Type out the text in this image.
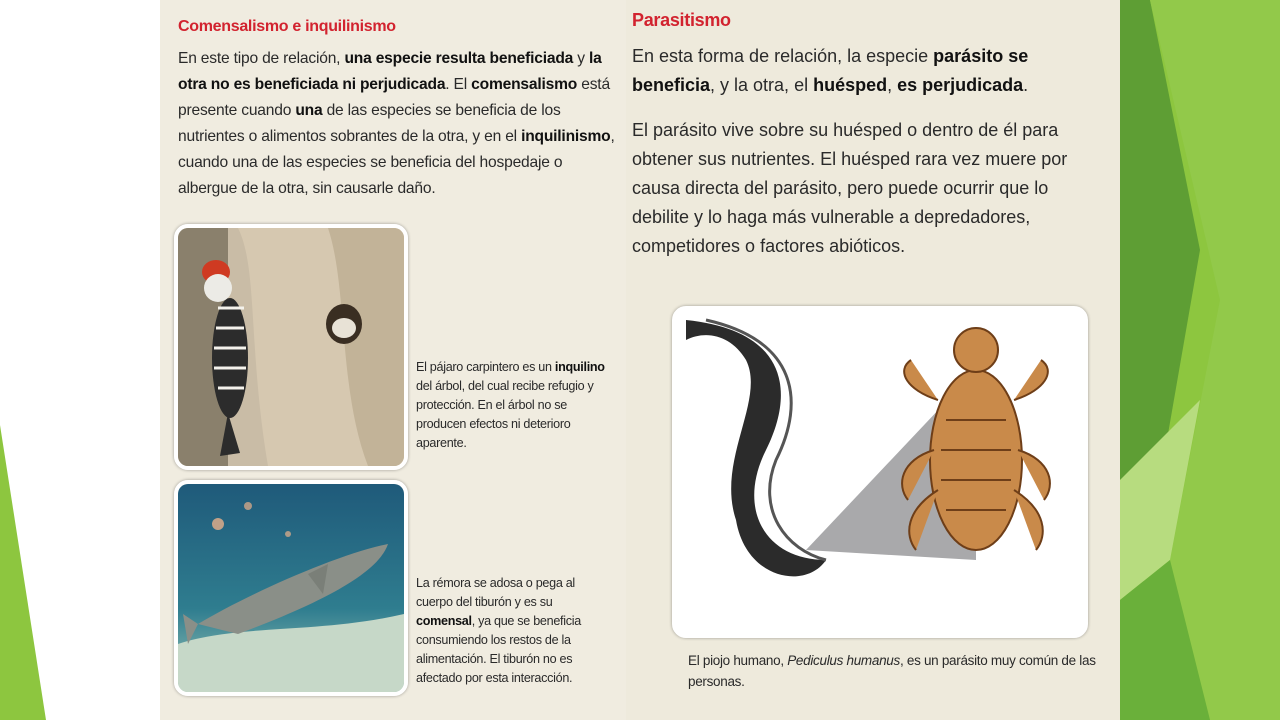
Comensalismo e inquilinismo
En este tipo de relación, una especie resulta beneficiada y la otra no es beneficiada ni perjudicada. El comensalismo está presente cuando una de las especies se beneficia de los nutrientes o alimentos sobrantes de la otra, y en el inquilinismo, cuando una de las especies se beneficia del hospedaje o albergue de la otra, sin causarle daño.
El pájaro carpintero es un inquilino del árbol, del cual recibe refugio y protección. En el árbol no se producen efectos ni deterioro aparente.
La rémora se adosa o pega al cuerpo del tiburón y es su comensal, ya que se beneficia consumiendo los restos de la alimentación. El tiburón no es afectado por esta interacción.
Parasitismo
En esta forma de relación, la especie parásito se beneficia, y la otra, el huésped, es perjudicada.
El parásito vive sobre su huésped o dentro de él para obtener sus nutrientes. El huésped rara vez muere por causa directa del parásito, pero puede ocurrir que lo debilite y lo haga más vulnerable a depredadores, competidores o factores abióticos.
El piojo humano, Pediculus humanus, es un parásito muy común de las personas.
